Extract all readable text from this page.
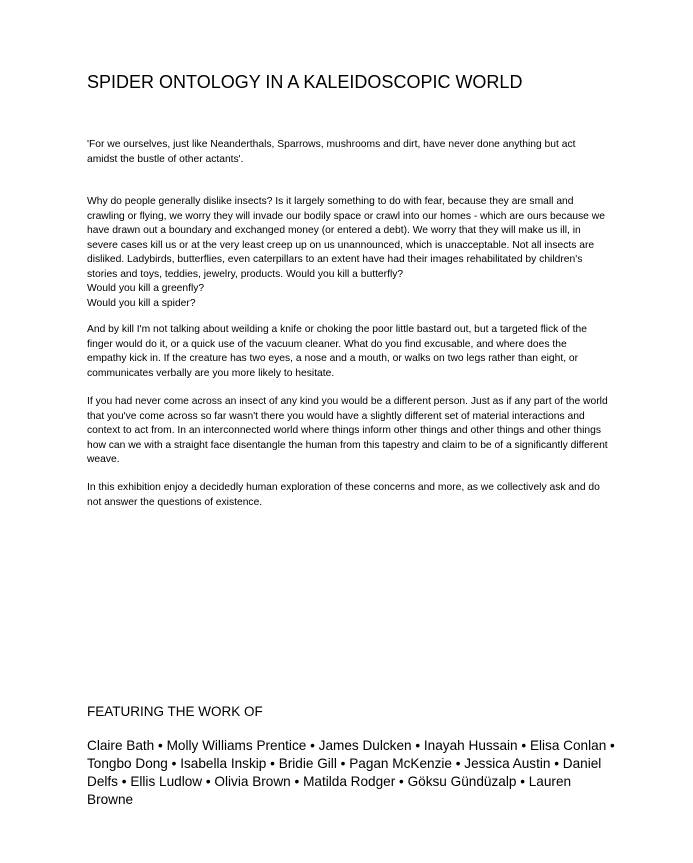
SPIDER ONTOLOGY IN A KALEIDOSCOPIC WORLD

'For we ourselves, just like Neanderthals, Sparrows, mushrooms and dirt, have never done anything but act amidst the bustle of other actants'.

Why do people generally dislike insects? Is it largely something to do with fear, because they are small and crawling or flying, we worry they will invade our bodily space or crawl into our homes - which are ours because we have drawn out a boundary and exchanged money (or entered a debt). We worry that they will make us ill, in severe cases kill us or at the very least creep up on us unannounced, which is unacceptable. Not all insects are disliked. Ladybirds, butterflies, even caterpillars to an extent have had their images rehabilitated by children's stories and toys, teddies, jewelry, products. Would you kill a butterfly?
Would you kill a greenfly?
Would you kill a spider?

And by kill I'm not talking about weilding a knife or choking the poor little bastard out, but a targeted flick of the finger would do it, or a quick use of the vacuum cleaner. What do you find excusable, and where does the empathy kick in. If the creature has two eyes, a nose and a mouth, or walks on two legs rather than eight, or communicates verbally are you more likely to hesitate.

If you had never come across an insect of any kind you would be a different person. Just as if any part of the world that you've come across so far wasn't there you would have a slightly different set of material interactions and context to act from. In an interconnected world where things inform other things and other things and other things how can we with a straight face disentangle the human from this tapestry and claim to be of a significantly different weave.

In this exhibition enjoy a decidedly human exploration of these concerns and more, as we collectively ask and do not answer the questions of existence.

FEATURING THE WORK OF

Claire Bath • Molly Williams Prentice • James Dulcken • Inayah Hussain • Elisa Conlan • Tongbo Dong • Isabella Inskip • Bridie Gill • Pagan McKenzie • Jessica Austin • Daniel Delfs • Ellis Ludlow • Olivia Brown • Matilda Rodger • Göksu Gündüzalp • Lauren Browne
